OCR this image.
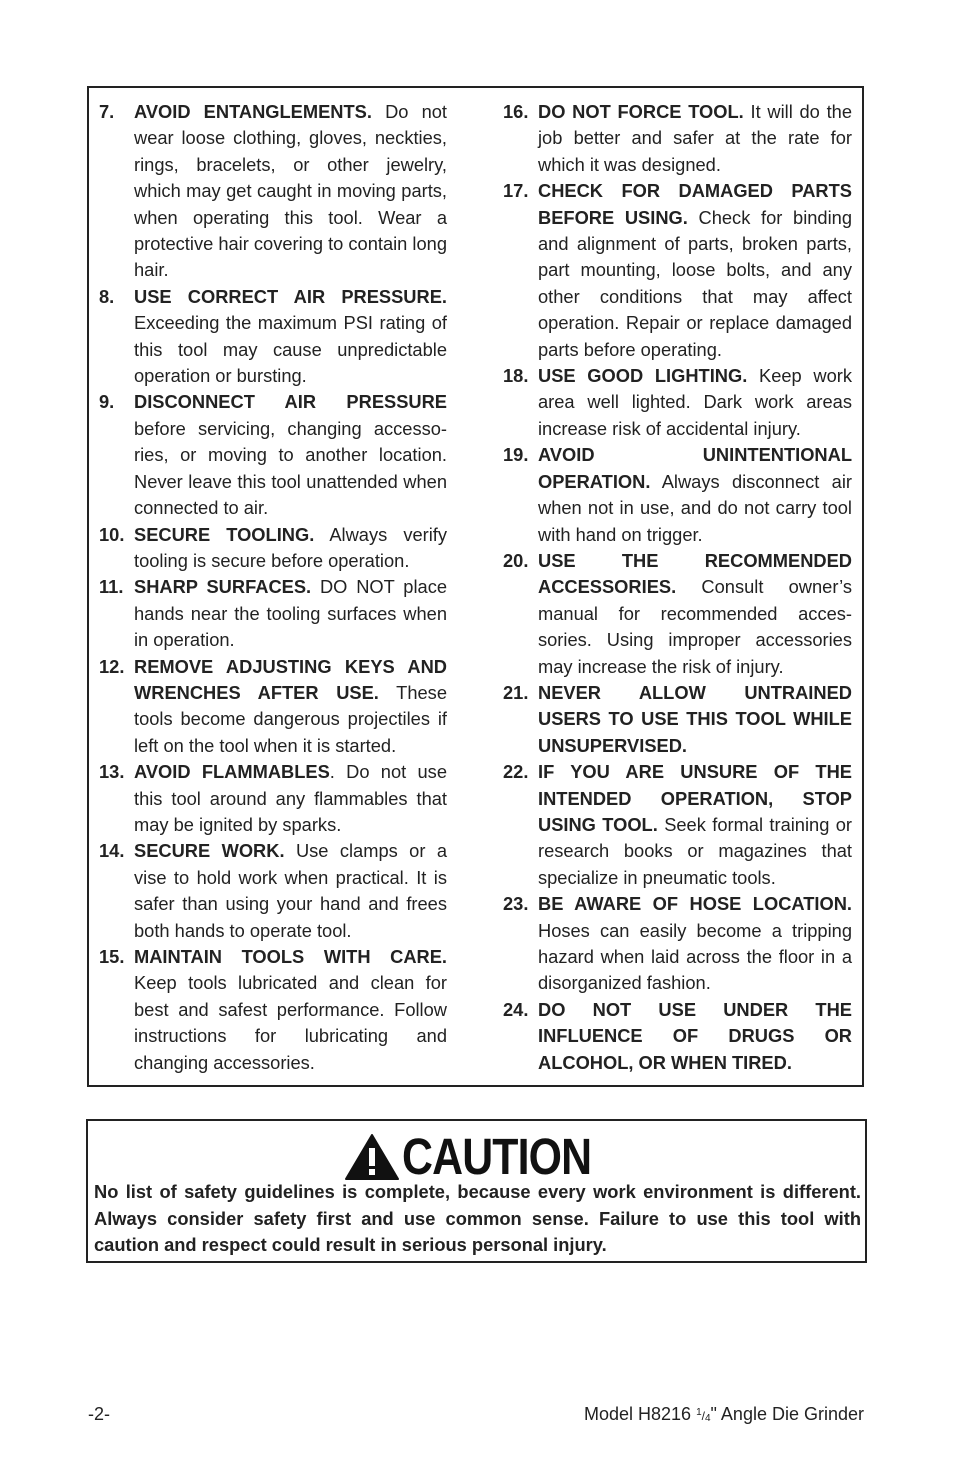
7.	AVOID ENTANGLEMENTS. Do not wear loose clothing, gloves, neckties, rings, bracelets, or other jewelry, which may get caught in moving parts, when operating this tool. Wear a protective hair covering to contain long hair.
8.	USE CORRECT AIR PRESSURE. Exceeding the maximum PSI rating of this tool may cause unpredictable operation or bursting.
9.	DISCONNECT AIR PRESSURE before servicing, changing accessories, or moving to another location. Never leave this tool unattended when connected to air.
10. SECURE TOOLING. Always verify tooling is secure before operation.
11. SHARP SURFACES. DO NOT place hands near the tooling surfaces when in operation.
12. REMOVE ADJUSTING KEYS AND WRENCHES AFTER USE. These tools become dangerous projectiles if left on the tool when it is started.
13. AVOID FLAMMABLES. Do not use this tool around any flammables that may be ignited by sparks.
14. SECURE WORK. Use clamps or a vise to hold work when practical. It is safer than using your hand and frees both hands to operate tool.
15. MAINTAIN TOOLS WITH CARE. Keep tools lubricated and clean for best and safest performance. Follow instructions for lubricating and changing accessories.
16. DO NOT FORCE TOOL. It will do the job better and safer at the rate for which it was designed.
17. CHECK FOR DAMAGED PARTS BEFORE USING. Check for binding and alignment of parts, broken parts, part mounting, loose bolts, and any other conditions that may affect operation. Repair or replace damaged parts before operating.
18. USE GOOD LIGHTING. Keep work area well lighted. Dark work areas increase risk of accidental injury.
19. AVOID UNINTENTIONAL OPERATION. Always disconnect air when not in use, and do not carry tool with hand on trigger.
20. USE THE RECOMMENDED ACCESSORIES. Consult owner’s manual for recommended accessories. Using improper accessories may increase the risk of injury.
21. NEVER ALLOW UNTRAINED USERS TO USE THIS TOOL WHILE UNSUPERVISED.
22. IF YOU ARE UNSURE OF THE INTENDED OPERATION, STOP USING TOOL. Seek formal training or research books or magazines that specialize in pneumatic tools.
23. BE AWARE OF HOSE LOCATION. Hoses can easily become a tripping hazard when laid across the floor in a disorganized fashion.
24. DO NOT USE UNDER THE INFLUENCE OF DRUGS OR ALCOHOL, OR WHEN TIRED.
CAUTION
No list of safety guidelines is complete, because every work environment is different. Always consider safety first and use common sense. Failure to use this tool with caution and respect could result in serious personal injury.
-2-	Model H8216 $^1/_4$" Angle Die Grinder
